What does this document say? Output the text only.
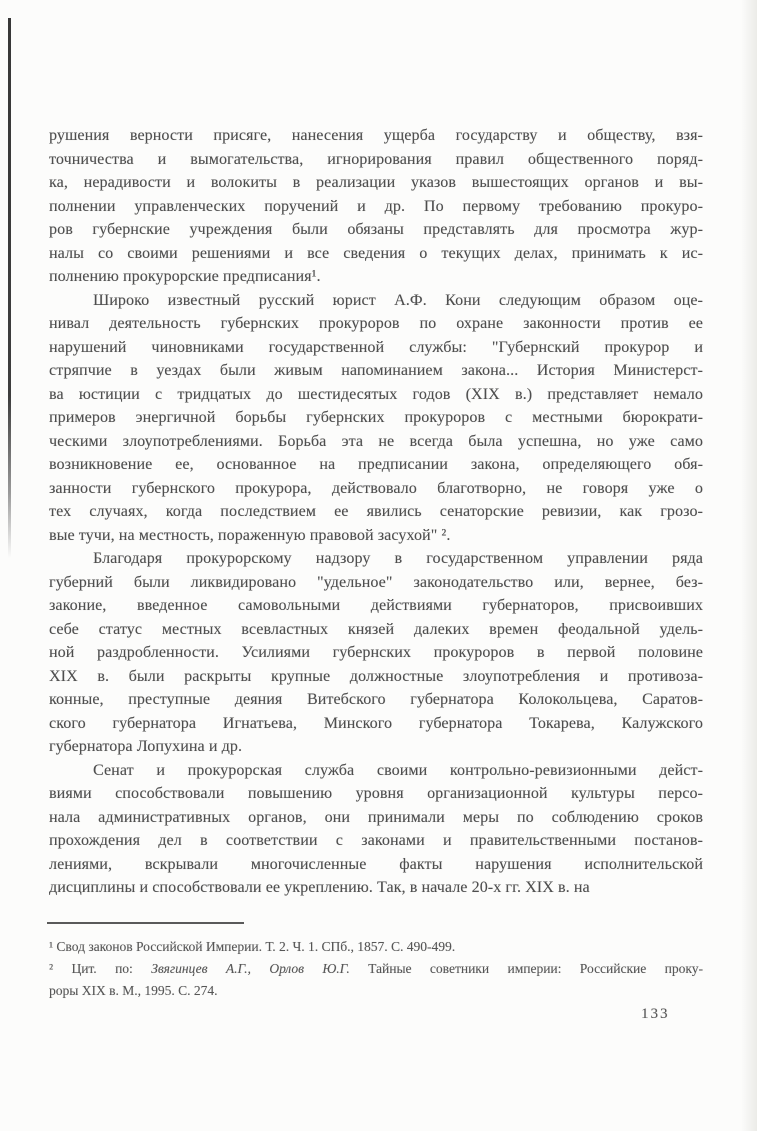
рушения верности присяге, нанесения ущерба государству и обществу, взя-
точничества и вымогательства, игнорирования правил общественного поряд-
ка, нерадивости и волокиты в реализации указов вышестоящих органов и вы-
полнении управленческих поручений и др. По первому требованию прокуро-
ров губернские учреждения были обязаны представлять для просмотра жур-
налы со своими решениями и все сведения о текущих делах, принимать к ис-
полнению прокурорские предписания¹.
Широко известный русский юрист А.Ф. Кони следующим образом оце-
нивал деятельность губернских прокуроров по охране законности против ее
нарушений чиновниками государственной службы: "Губернский прокурор и
стряпчие в уездах были живым напоминанием закона... История Министерст-
ва юстиции с тридцатых до шестидесятых годов (XIX в.) представляет немало
примеров энергичной борьбы губернских прокуроров с местными бюрократи-
ческими злоупотреблениями. Борьба эта не всегда была успешна, но уже само
возникновение ее, основанное на предписании закона, определяющего обя-
занности губернского прокурора, действовало благотворно, не говоря уже о
тех случаях, когда последствием ее явились сенаторские ревизии, как грозо-
вые тучи, на местность, пораженную правовой засухой" ².
Благодаря прокурорскому надзору в государственном управлении ряда
губерний были ликвидировано "удельное" законодательство или, вернее, без-
законие, введенное самовольными действиями губернаторов, присвоивших
себе статус местных всевластных князей далеких времен феодальной удель-
ной раздробленности. Усилиями губернских прокуроров в первой половине
XIX в. были раскрыты крупные должностные злоупотребления и противоза-
конные, преступные деяния Витебского губернатора Колокольцева, Саратов-
ского губернатора Игнатьева, Минского губернатора Токарева, Калужского
губернатора Лопухина и др.
Сенат и прокурорская служба своими контрольно-ревизионными дейст-
виями способствовали повышению уровня организационной культуры персо-
нала административных органов, они принимали меры по соблюдению сроков
прохождения дел в соответствии с законами и правительственными постанов-
лениями, вскрывали многочисленные факты нарушения исполнительской
дисциплины и способствовали ее укреплению. Так, в начале 20-х гг. XIX в. на
¹ Свод законов Российской Империи. Т. 2. Ч. 1. СПб., 1857. С. 490-499.
² Цит. по: Звягинцев А.Г., Орлов Ю.Г. Тайные советники империи: Российские проку-
роры XIX в. М., 1995. С. 274.
133
